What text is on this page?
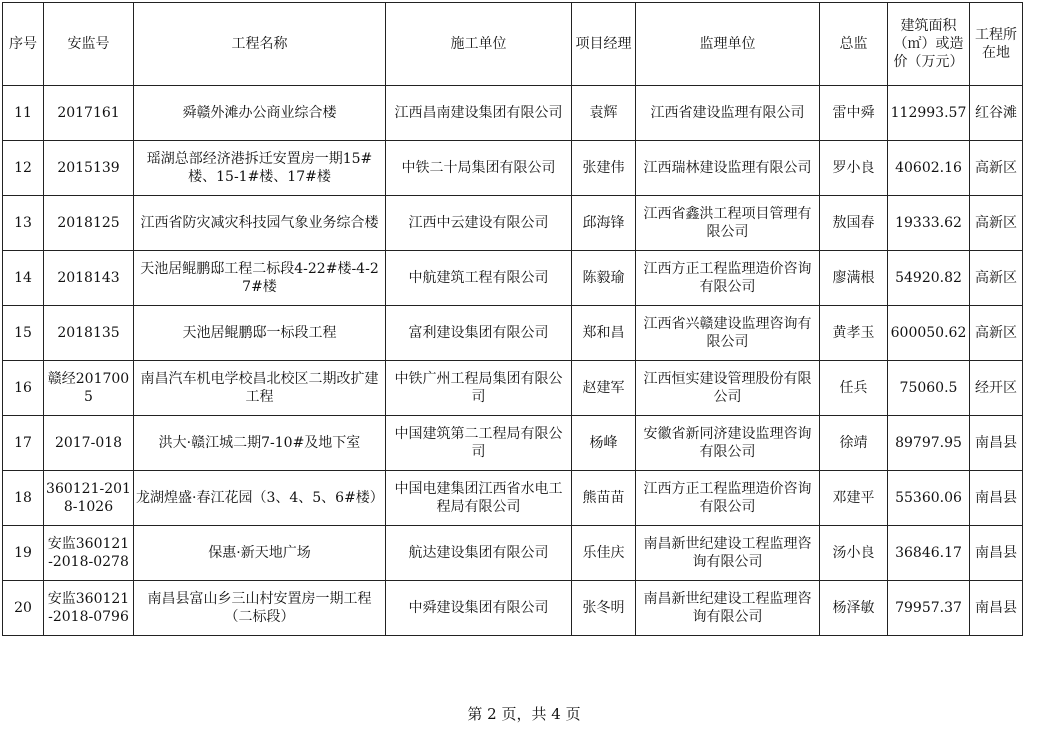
序号	安监号	工程名称	施工单位	项目经理	监理单位	总监	建筑面积（㎡）或造价（万元）	工程所在地
11	2017161	舜赣外滩办公商业综合楼	江西昌南建设集团有限公司	袁辉	江西省建设监理有限公司	雷中舜	112993.57	红谷滩
12	2015139	瑶湖总部经济港拆迁安置房一期15#楼、15-1#楼、17#楼	中铁二十局集团有限公司	张建伟	江西瑞林建设监理有限公司	罗小良	40602.16	高新区
13	2018125	江西省防灾减灾科技园气象业务综合楼	江西中云建设有限公司	邱海锋	江西省鑫洪工程项目管理有限公司	敖国春	19333.62	高新区
14	2018143	天池居鲲鹏邸工程二标段4-22#楼-4-27#楼	中航建筑工程有限公司	陈毅瑜	江西方正工程监理造价咨询有限公司	廖满根	54920.82	高新区
15	2018135	天池居鲲鹏邸一标段工程	富利建设集团有限公司	郑和昌	江西省兴赣建设监理咨询有限公司	黄孝玉	600050.62	高新区
16	赣经2017005	南昌汽车机电学校昌北校区二期改扩建工程	中铁广州工程局集团有限公司	赵建军	江西恒实建设管理股份有限公司	任兵	75060.5	经开区
17	2017-018	洪大·赣江城二期7-10#及地下室	中国建筑第二工程局有限公司	杨峰	安徽省新同济建设监理咨询有限公司	徐靖	89797.95	南昌县
18	360121-2018-1026	龙湖煌盛·春江花园（3、4、5、6#楼）	中国电建集团江西省水电工程局有限公司	熊苗苗	江西方正工程监理造价咨询有限公司	邓建平	55360.06	南昌县
19	安监360121-2018-0278	保惠·新天地广场	航达建设集团有限公司	乐佳庆	南昌新世纪建设工程监理咨询有限公司	汤小良	36846.17	南昌县
20	安监360121-2018-0796	南昌县富山乡三山村安置房一期工程（二标段）	中舜建设集团有限公司	张冬明	南昌新世纪建设工程监理咨询有限公司	杨泽敏	79957.37	南昌县
第 2 页，共 4 页
